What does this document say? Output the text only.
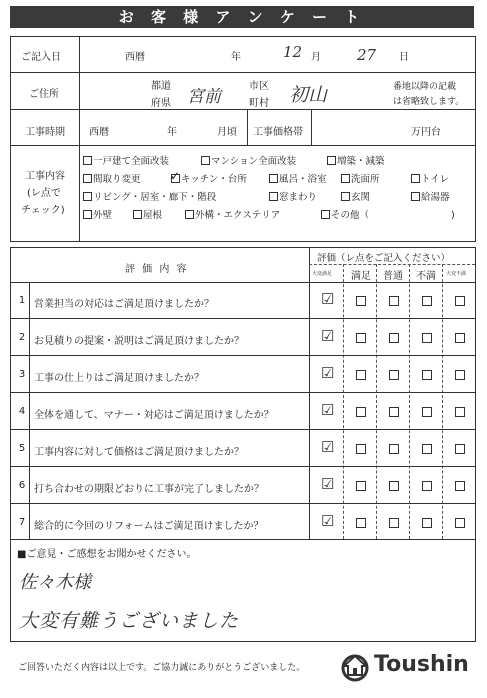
お 客 様 ア ン ケ ー ト
ご記入日	西暦	年	12 月 27 日
ご住所
都道
府県 宮前
市区
町村 初山	番地以降の記載
は省略致します。
工事時期 西暦	年	月頃 工事価格帯	万円台
工事内容
(レ点で
チェック)
一戸建て全面改装	マンション全面改装	増築・減築
間取り変更 ✓ キッチン・台所	風呂・浴室	洗面所	トイレ
リビング・居室・廊下・階段	窓まわり	玄関	給湯器
外壁	屋根	外構・エクステリア	その他（	)
評 価 内 容
評価（レ点をご記入ください）
大変満足 満足 普通 不満 大変不満
1 営業担当の対応はご満足頂けましたか？	☑
2 お見積りの提案・説明はご満足頂けましたか？	☑
3 工事の仕上りはご満足頂けましたか？	☑
4 全体を通して、マナー・対応はご満足頂けましたか？	☑
5 工事内容に対して価格はご満足頂けましたか？	☑
6 打ち合わせの期限どおりに工事が完了しましたか？	☑
7 総合的に今回のリフォームはご満足頂けましたか？	☑
■ご意見・ご感想をお聞かせください。
佐々木様
大変有難うございました
ご回答いただく内容は以上です。ご協力誠にありがとうございました。	Toushin
